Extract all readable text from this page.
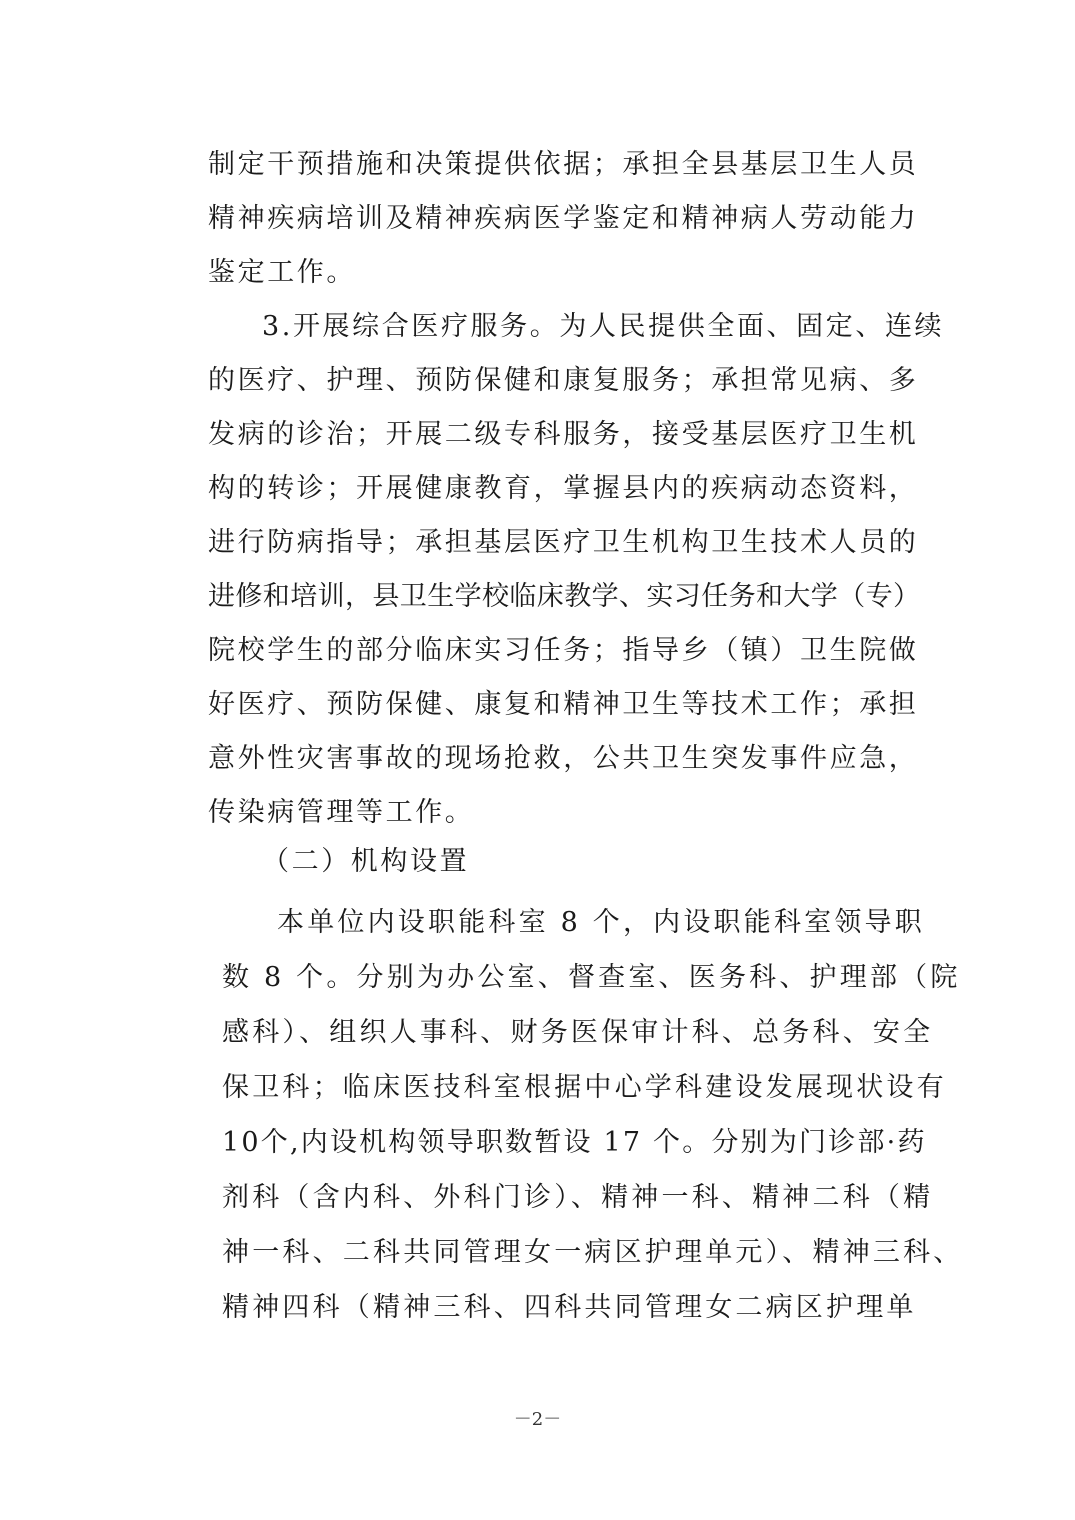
制定干预措施和决策提供依据；承担全县基层卫生人员
精神疾病培训及精神疾病医学鉴定和精神病人劳动能力
鉴定工作。
3.开展综合医疗服务。为人民提供全面、固定、连续
的医疗、护理、预防保健和康复服务；承担常见病、多
发病的诊治；开展二级专科服务，接受基层医疗卫生机
构的转诊；开展健康教育，掌握县内的疾病动态资料，
进行防病指导；承担基层医疗卫生机构卫生技术人员的
进修和培训，县卫生学校临床教学、实习任务和大学（专）
院校学生的部分临床实习任务；指导乡（镇）卫生院做
好医疗、预防保健、康复和精神卫生等技术工作；承担
意外性灾害事故的现场抢救，公共卫生突发事件应急，
传染病管理等工作。
（二）机构设置
本单位内设职能科室 8 个，内设职能科室领导职
数 8 个。分别为办公室、督查室、医务科、护理部（院
感科）、组织人事科、财务医保审计科、总务科、安全
保卫科；临床医技科室根据中心学科建设发展现状设有
10个,内设机构领导职数暂设 17 个。分别为门诊部·药
剂科（含内科、外科门诊）、精神一科、精神二科（精
神一科、二科共同管理女一病区护理单元）、精神三科、
精神四科（精神三科、四科共同管理女二病区护理单
－2－
